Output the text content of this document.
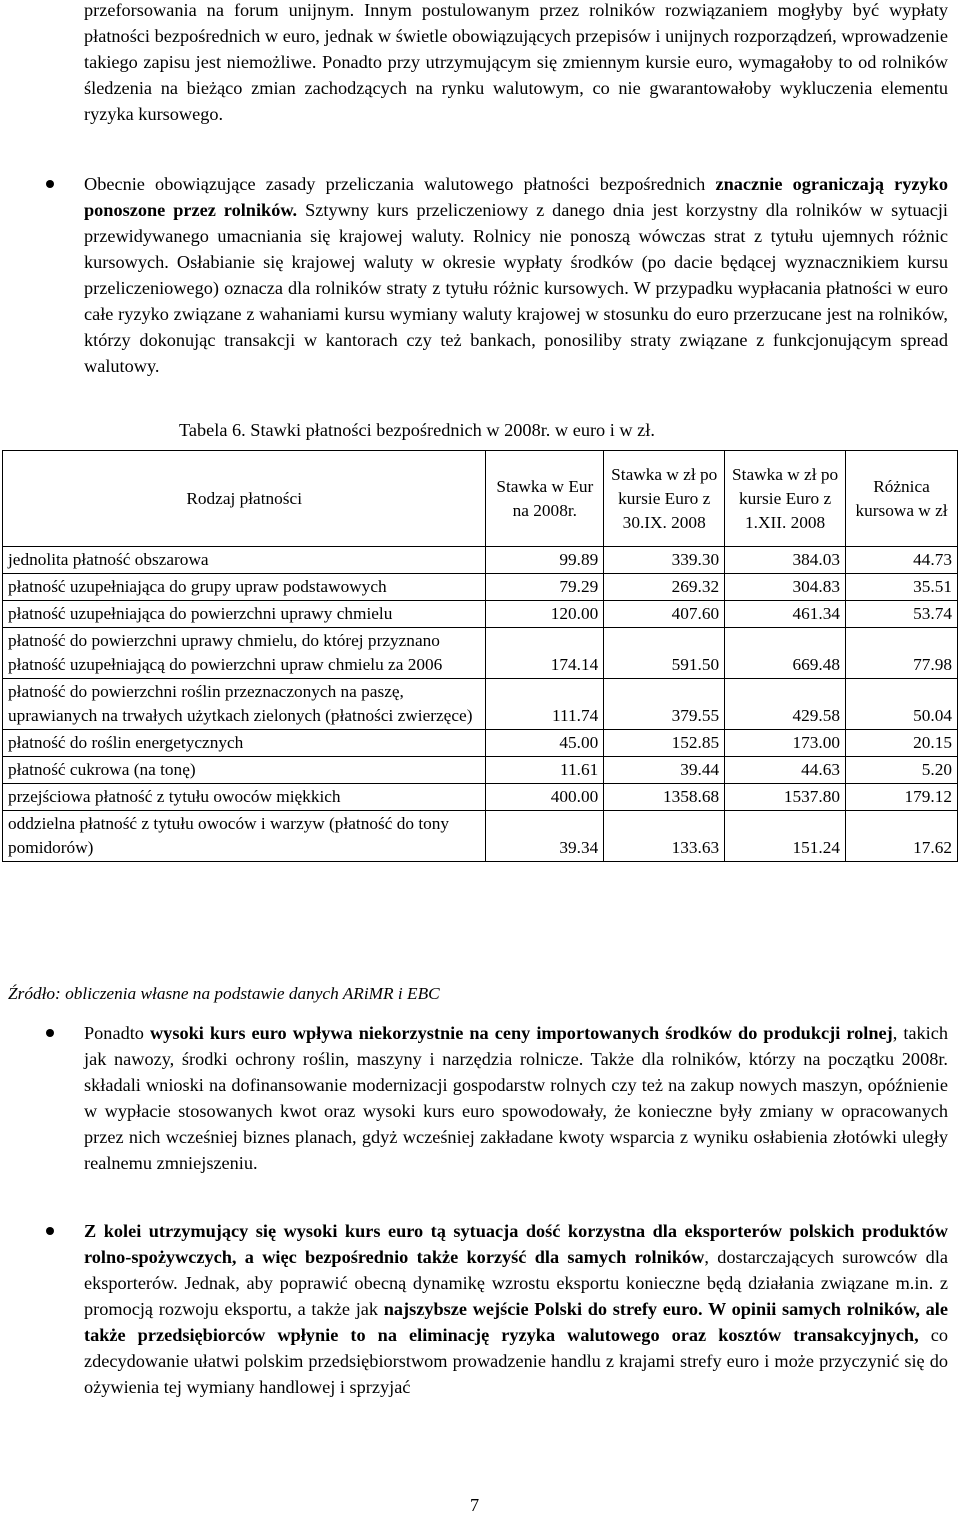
przeforsowania na forum unijnym. Innym postulowanym przez rolników rozwiązaniem mogłyby być wypłaty płatności bezpośrednich w euro, jednak w świetle obowiązujących przepisów i unijnych rozporządzeń, wprowadzenie takiego zapisu jest niemożliwe. Ponadto przy utrzymującym się zmiennym kursie euro, wymagałoby to od rolników śledzenia na bieżąco zmian zachodzących na rynku walutowym, co nie gwarantowałoby wykluczenia elementu ryzyka kursowego.

Obecnie obowiązujące zasady przeliczania walutowego płatności bezpośrednich znacznie ograniczają ryzyko ponoszone przez rolników. Sztywny kurs przeliczeniowy z danego dnia jest korzystny dla rolników w sytuacji przewidywanego umacniania się krajowej waluty. Rolnicy nie ponoszą wówczas strat z tytułu ujemnych różnic kursowych. Osłabianie się krajowej waluty w okresie wypłaty środków (po dacie będącej wyznacznikiem kursu przeliczeniowego) oznacza dla rolników straty z tytułu różnic kursowych. W przypadku wypłacania płatności w euro całe ryzyko związane z wahaniami kursu wymiany waluty krajowej w stosunku do euro przerzucane jest na rolników, którzy dokonując transakcji w kantorach czy też bankach, ponosiliby straty związane z funkcjonującym spread walutowy.

Tabela 6. Stawki płatności bezpośrednich w 2008r. w euro i w zł.
Źródło: obliczenia własne na podstawie danych ARiMR i EBC

Ponadto wysoki kurs euro wpływa niekorzystnie na ceny importowanych środków do produkcji rolnej, takich jak nawozy, środki ochrony roślin, maszyny i narzędzia rolnicze. Także dla rolników, którzy na początku 2008r. składali wnioski na dofinansowanie modernizacji gospodarstw rolnych czy też na zakup nowych maszyn, opóźnienie w wypłacie stosowanych kwot oraz wysoki kurs euro spowodowały, że konieczne były zmiany w opracowanych przez nich wcześniej biznes planach, gdyż wcześniej zakładane kwoty wsparcia z wyniku osłabienia złotówki uległy realnemu zmniejszeniu.

Z kolei utrzymujący się wysoki kurs euro tą sytuacja dość korzystna dla eksporterów polskich produktów rolno-spożywczych, a więc bezpośrednio także korzyść dla samych rolników, dostarczających surowców dla eksporterów. Jednak, aby poprawić obecną dynamikę wzrostu eksportu konieczne będą działania związane m.in. z promocją rozwoju eksportu, a także jak najszybsze wejście Polski do strefy euro. W opinii samych rolników, ale także przedsiębiorców wpłynie to na eliminację ryzyka walutowego oraz kosztów transakcyjnych, co zdecydowanie ułatwi polskim przedsiębiorstwom prowadzenie handlu z krajami strefy euro i może przyczynić się do ożywienia tej wymiany handlowej i sprzyjać

Rodzaj płatności	Stawka w Eur na 2008r.	Stawka w zł po kursie Euro z 30.IX. 2008	Stawka w zł po kursie Euro z 1.XII. 2008	Różnica kursowa w zł
jednolita płatność obszarowa	99.89	339.30	384.03	44.73
płatność uzupełniająca do grupy upraw podstawowych	79.29	269.32	304.83	35.51
płatność uzupełniająca do powierzchni uprawy chmielu	120.00	407.60	461.34	53.74
płatność do powierzchni uprawy chmielu, do której przyznano płatność uzupełniającą do powierzchni upraw chmielu za 2006	174.14	591.50	669.48	77.98
płatność do powierzchni roślin przeznaczonych na paszę, uprawianych na trwałych użytkach zielonych (płatności zwierzęce)	111.74	379.55	429.58	50.04
płatność do roślin energetycznych	45.00	152.85	173.00	20.15
płatność cukrowa (na tonę)	11.61	39.44	44.63	5.20
przejściowa płatność z tytułu owoców miękkich	400.00	1358.68	1537.80	179.12
oddzielna płatność z tytułu owoców i warzyw (płatność do tony pomidorów)	39.34	133.63	151.24	17.62
7
